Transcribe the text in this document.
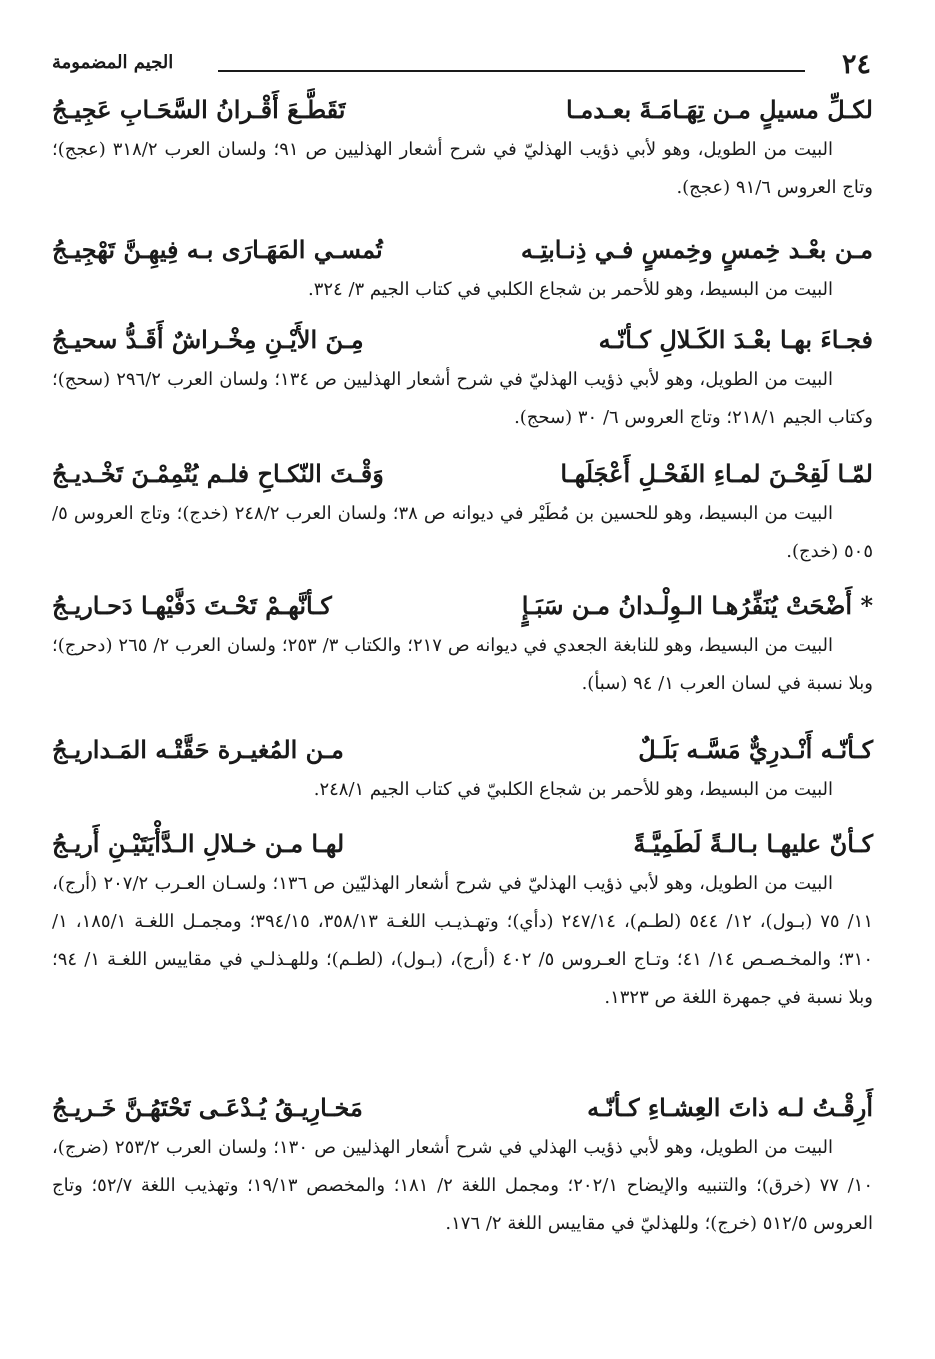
٢٤
الجيم المضمومة
لكـلِّ مسيلٍ مـن تِهَـامَـةَ بعـدمـا
تَقَطَّـعَ أَقْـرانُ السَّحَـابِ عَجِيـجُ
البيت من الطويل، وهو لأبي ذؤيب الهذليّ في شرح أشعار الهذليين ص ٩١؛ ولسان العرب ٣١٨/٢ (عجج)؛ وتاج العروس ٩١/٦ (عجج).
مـن بعْـد خِمسٍ وخِمسٍ فـي ذِنـابتِـه
تُمسـي المَهَـارَى بـه فِيهِـنَّ تَهْجِيـجُ
البيت من البسيط، وهو للأحمر بن شجاع الكلبي في كتاب الجيم ٣/ ٣٢٤.
فجـاءَ بهـا بعْـدَ الكَـلالِ كـأنّـه
مِـنَ الأَيْـنِ مِخْـراشٌ أَقَـدُّ سحيـجُ
البيت من الطويل، وهو لأبي ذؤيب الهذليّ في شرح أشعار الهذليين ص ١٣٤؛ ولسان العرب ٢٩٦/٢ (سحج)؛ وكتاب الجيم ٢١٨/١؛ وتاج العروس ٦/ ٣٠ (سحج).
لمّـا لَقِحْـنَ لمـاءِ الفَحْـلِ أَعْجَلَهـا
وَقْـتَ النّكـاحِ فلـم يُتْمِمْـنَ تَخْـديـجُ
البيت من البسيط، وهو للحسين بن مُطَيْر في ديوانه ص ٣٨؛ ولسان العرب ٢٤٨/٢ (خدج)؛ وتاج العروس ٥/ ٥٠٥ (خدج).
* أَضْحَتْ يُنَفِّرُهـا الـوِلْـدانُ مـن سَبَـإٍ
كـأنَّهـمْ تَحْـتَ دَفَّيْهـا دَحـاريـجُ
البيت من البسيط، وهو للنابغة الجعدي في ديوانه ص ٢١٧؛ والكتاب ٣/ ٢٥٣؛ ولسان العرب ٢/ ٢٦٥ (دحرج)؛ وبلا نسبة في لسان العرب ١/ ٩٤ (سبأ).
كـأنّـه أَنْـدرِيٌّ مَسَّـه بَلَـلٌ
مـن المُغيـرة حَقَّتْـه المَـداريـجُ
البيت من البسيط، وهو للأحمر بن شجاع الكلبيّ في كتاب الجيم ٢٤٨/١.
كـأنّ عليهـا بـالـةً لَطَمِيَّـةً
لهـا مـن خـلالِ الـدَّأْيَتَيْـنِ أَريـجُ
البيت من الطويل، وهو لأبي ذؤيب الهذليّ في شرح أشعار الهذليّين ص ١٣٦؛ ولسـان العـرب ٢٠٧/٢ (أرج)، ١١/ ٧٥ (بـول)، ١٢/ ٥٤٤ (لطـم)، ٢٤٧/١٤ (دأي)؛ وتهـذيـب اللغـة ٣٥٨/١٣، ٣٩٤/١٥؛ ومجمـل اللغـة ١٨٥/١، ١/ ٣١٠؛ والمخـصـص ١٤/ ٤١؛ وتـاج العـروس ٥/ ٤٠٢ (أرج)، (بـول)، (لطـم)؛ وللهـذلـي في مقاييس اللغـة ١/ ٩٤؛ وبلا نسبة في جمهرة اللغة ص ١٣٢٣.
أَرِقْـتُ لـه ذاتَ العِشـاءِ كـأنّـه
مَخـارِيـقُ يُـدْعَـى تَحْتَهُـنَّ خَـريـجُ
البيت من الطويل، وهو لأبي ذؤيب الهذلي في شرح أشعار الهذليين ص ١٣٠؛ ولسان العرب ٢٥٣/٢ (ضرج)، ١٠/ ٧٧ (خرق)؛ والتنبيه والإيضاح ٢٠٢/١؛ ومجمل اللغة ٢/ ١٨١؛ والمخصص ١٩/١٣؛ وتهذيب اللغة ٥٢/٧؛ وتاج العروس ٥١٢/٥ (خرج)؛ وللهذليّ في مقاييس اللغة ٢/ ١٧٦.
